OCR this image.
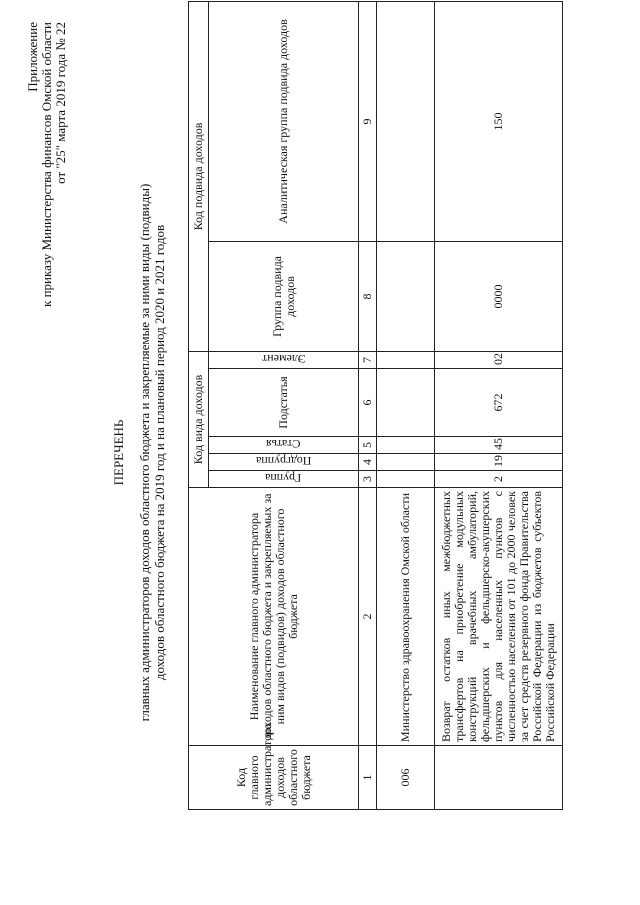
Приложение к приказу Министерства финансов Омской области от "25" марта 2019 года № 22
ПЕРЕЧЕНЬ главных администраторов доходов областного бюджета и закрепляемые за ними виды (подвиды) доходов областного бюджета на 2019 год и на плановый период 2020 и 2021 годов
Код главного администратора доходов областного бюджета	Наименование главного администратора доходов областного бюджета и закрепляемых за ним видов (подвидов) доходов областного бюджета	Код вида доходов					Код подвида доходов	

		Группа	Подгруппа	Статья	Подстатья	Элемент	Группа подвида доходов	Аналитическая группа подвида доходов
1	2	3	4	5	6	7	8	9
006	Министерство здравоохранения Омской области							
	Возврат остатков иных межбюджетных трансфертов на приобретение модульных конструкций врачебных амбулаторий, фельдшерских и фельдшерско-акушерских пунктов для населенных пунктов с численностью населения от 101 до 2000 человек за счет средств резервного фонда Правительства Российской Федерации из бюджетов субъектов Российской Федерации	2	19	45	672	02	0000	150
